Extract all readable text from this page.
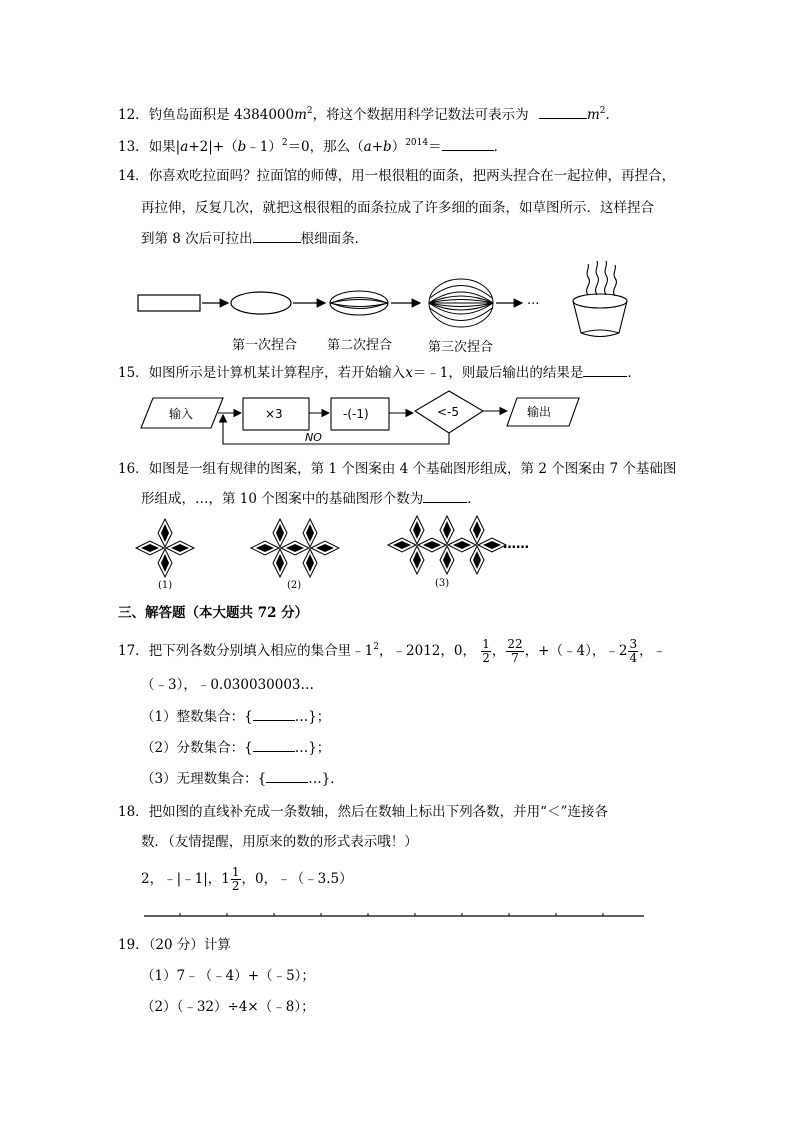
12．钓鱼岛面积是 $4384000m^2$，将这个数据用科学记数法可表示为	$m^2$．
13．如果|a+2|+（b﹣1）$^2$＝0，那么$(a+b)^{2014}=$	．
14．你喜欢吃拉面吗？拉面馆的师傅，用一根很粗的面条，把两头捏合在一起拉伸，再捏合，
再拉伸，反复几次，就把这根很粗的面条拉成了许多细的面条，如草图所示．这样捏合
到第 8 次后可拉出	根细面条．
···
第一次捏合 第二次捏合	第三次捏合
15．如图所示是计算机某计算程序，若开始输入x＝﹣1，则最后输出的结果是	．
输入	×3	-(-1)	<-5	输出
NO
16．如图是一组有规律的图案，第 1 个图案由 4 个基础图形组成，第 2 个图案由 7 个基础图
形组成，…，第 10 个图案中的基础图形个数为	．
……
(1)	(2)	(3)
三、解答题（本大题共 72 分）
17．把下列各数分别填入相应的集合里$﹣1^2$，﹣2012，0， $\frac{1}{2}$ ， $\frac{22}{7}$ ，+（﹣4），﹣2 $\frac{3}{4}$ ，﹣
（﹣3），﹣0.030030003…
（1）整数集合：{	…}；
（2）分数集合：{	…}；
（3）无理数集合：{	…}．
18．把如图的直线补充成一条数轴，然后在数轴上标出下列各数，并用“＜”连接各
数．（友情提醒，用原来的数的形式表示哦！）
2，﹣|﹣1|，$1 \frac{1}{2}$ ，0，﹣（﹣3.5）
19．（20 分）计算
（1）7﹣（﹣4）+（﹣5）；
（2）（﹣32）÷4×（﹣8）；
